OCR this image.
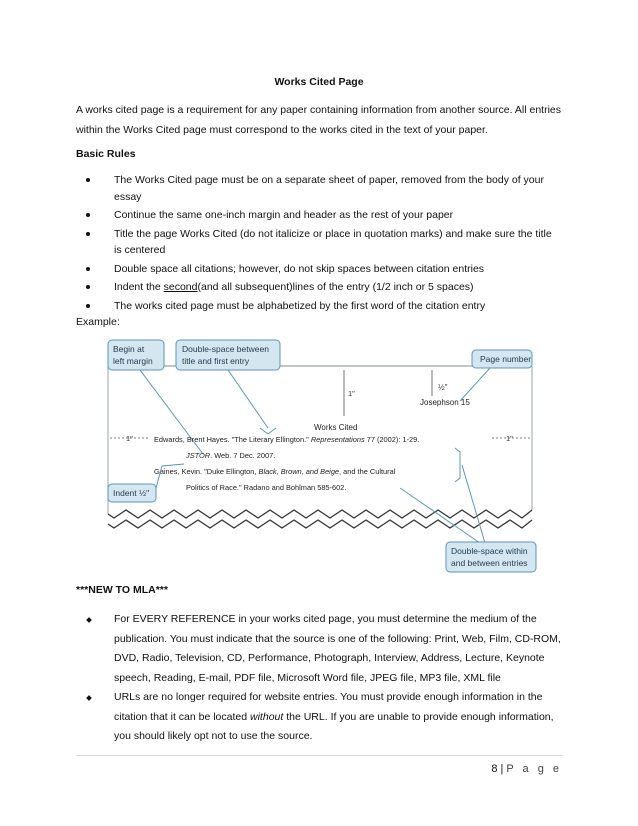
Works Cited Page
A works cited page is a requirement for any paper containing information from another source. All entries within the Works Cited page must correspond to the works cited in the text of your paper.
Basic Rules
The Works Cited page must be on a separate sheet of paper, removed from the body of your essay
Continue the same one-inch margin and header as the rest of your paper
Title the page Works Cited (do not italicize or place in quotation marks) and make sure the title is centered
Double space all citations; however, do not skip spaces between citation entries
Indent the second(and all subsequent)lines of the entry (1/2 inch or 5 spaces)
The works cited page must be alphabetized by the first word of the citation entry
Example:
Begin at
left margin
Double-space between
title and first entry	Page number
½"
Josephson 15
1"
Works Cited
1"	1"
Edwards, Brent Hayes. "The Literary Ellington." Representations 77 (2002): 1-29.
JSTOR. Web. 7 Dec. 2007.
Gaines, Kevin. "Duke Ellington, Black, Brown, and Beige, and the Cultural
Politics of Race." Radano and Bohlman 585-602.
Indent ½"
Double-space within
and between entries
***NEW TO MLA***
For EVERY REFERENCE in your works cited page, you must determine the medium of the publication. You must indicate that the source is one of the following: Print, Web, Film, CD-ROM, DVD, Radio, Television, CD, Performance, Photograph, Interview, Address, Lecture, Keynote speech, Reading, E-mail, PDF file, Microsoft Word file, JPEG file, MP3 file, XML file
URLs are no longer required for website entries. You must provide enough information in the citation that it can be located without the URL. If you are unable to provide enough information, you should likely opt not to use the source.
8 | P a g e
